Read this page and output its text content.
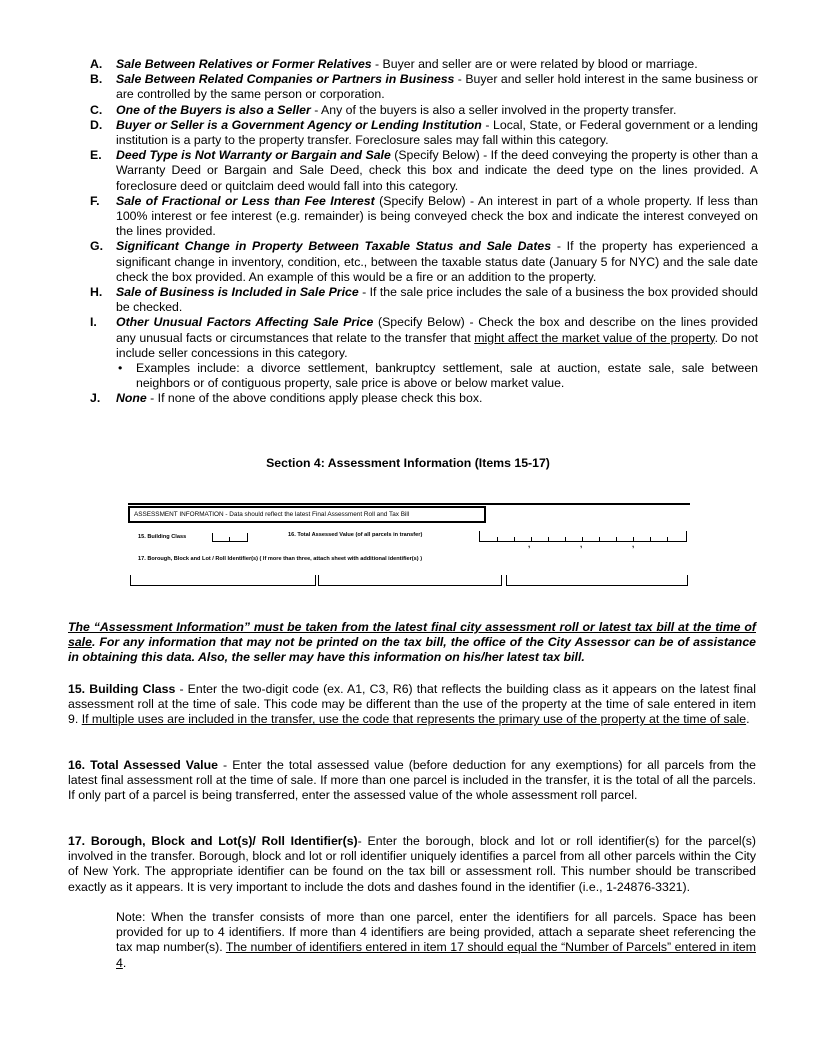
A. Sale Between Relatives or Former Relatives - Buyer and seller are or were related by blood or marriage.
B. Sale Between Related Companies or Partners in Business - Buyer and seller hold interest in the same business or are controlled by the same person or corporation.
C. One of the Buyers is also a Seller - Any of the buyers is also a seller involved in the property transfer.
D. Buyer or Seller is a Government Agency or Lending Institution - Local, State, or Federal government or a lending institution is a party to the property transfer. Foreclosure sales may fall within this category.
E. Deed Type is Not Warranty or Bargain and Sale (Specify Below) - If the deed conveying the property is other than a Warranty Deed or Bargain and Sale Deed, check this box and indicate the deed type on the lines provided. A foreclosure deed or quitclaim deed would fall into this category.
F. Sale of Fractional or Less than Fee Interest (Specify Below) - An interest in part of a whole property. If less than 100% interest or fee interest (e.g. remainder) is being conveyed check the box and indicate the interest conveyed on the lines provided.
G. Significant Change in Property Between Taxable Status and Sale Dates - If the property has experienced a significant change in inventory, condition, etc., between the taxable status date (January 5 for NYC) and the sale date check the box provided. An example of this would be a fire or an addition to the property.
H. Sale of Business is Included in Sale Price - If the sale price includes the sale of a business the box provided should be checked.
I. Other Unusual Factors Affecting Sale Price (Specify Below) - Check the box and describe on the lines provided any unusual facts or circumstances that relate to the transfer that might affect the market value of the property. Do not include seller concessions in this category.
• Examples include: a divorce settlement, bankruptcy settlement, sale at auction, estate sale, sale between neighbors or of contiguous property, sale price is above or below market value.
J. None - If none of the above conditions apply please check this box.
Section 4: Assessment Information (Items 15-17)
ASSESSMENT INFORMATION - Data should reflect the latest Final Assessment Roll and Tax Bill
15. Building Class	16. Total Assessed Value (of all parcels in transfer)
,	,	,
17. Borough, Block and Lot / Roll Identifier(s) ( If more than three, attach sheet with additional identifier(s) )
The “Assessment Information” must be taken from the latest final city assessment roll or latest tax bill at the time of sale. For any information that may not be printed on the tax bill, the office of the City Assessor can be of assistance in obtaining this data. Also, the seller may have this information on his/her latest tax bill.
15. Building Class - Enter the two-digit code (ex. A1, C3, R6) that reflects the building class as it appears on the latest final assessment roll at the time of sale. This code may be different than the use of the property at the time of sale entered in item 9. If multiple uses are included in the transfer, use the code that represents the primary use of the property at the time of sale.
16. Total Assessed Value - Enter the total assessed value (before deduction for any exemptions) for all parcels from the latest final assessment roll at the time of sale. If more than one parcel is included in the transfer, it is the total of all the parcels. If only part of a parcel is being transferred, enter the assessed value of the whole assessment roll parcel.
17. Borough, Block and Lot(s)/ Roll Identifier(s)- Enter the borough, block and lot or roll identifier(s) for the parcel(s) involved in the transfer. Borough, block and lot or roll identifier uniquely identifies a parcel from all other parcels within the City of New York. The appropriate identifier can be found on the tax bill or assessment roll. This number should be transcribed exactly as it appears. It is very important to include the dots and dashes found in the identifier (i.e., 1-24876-3321).
Note: When the transfer consists of more than one parcel, enter the identifiers for all parcels. Space has been provided for up to 4 identifiers. If more than 4 identifiers are being provided, attach a separate sheet referencing the tax map number(s). The number of identifiers entered in item 17 should equal the “Number of Parcels” entered in item 4.
